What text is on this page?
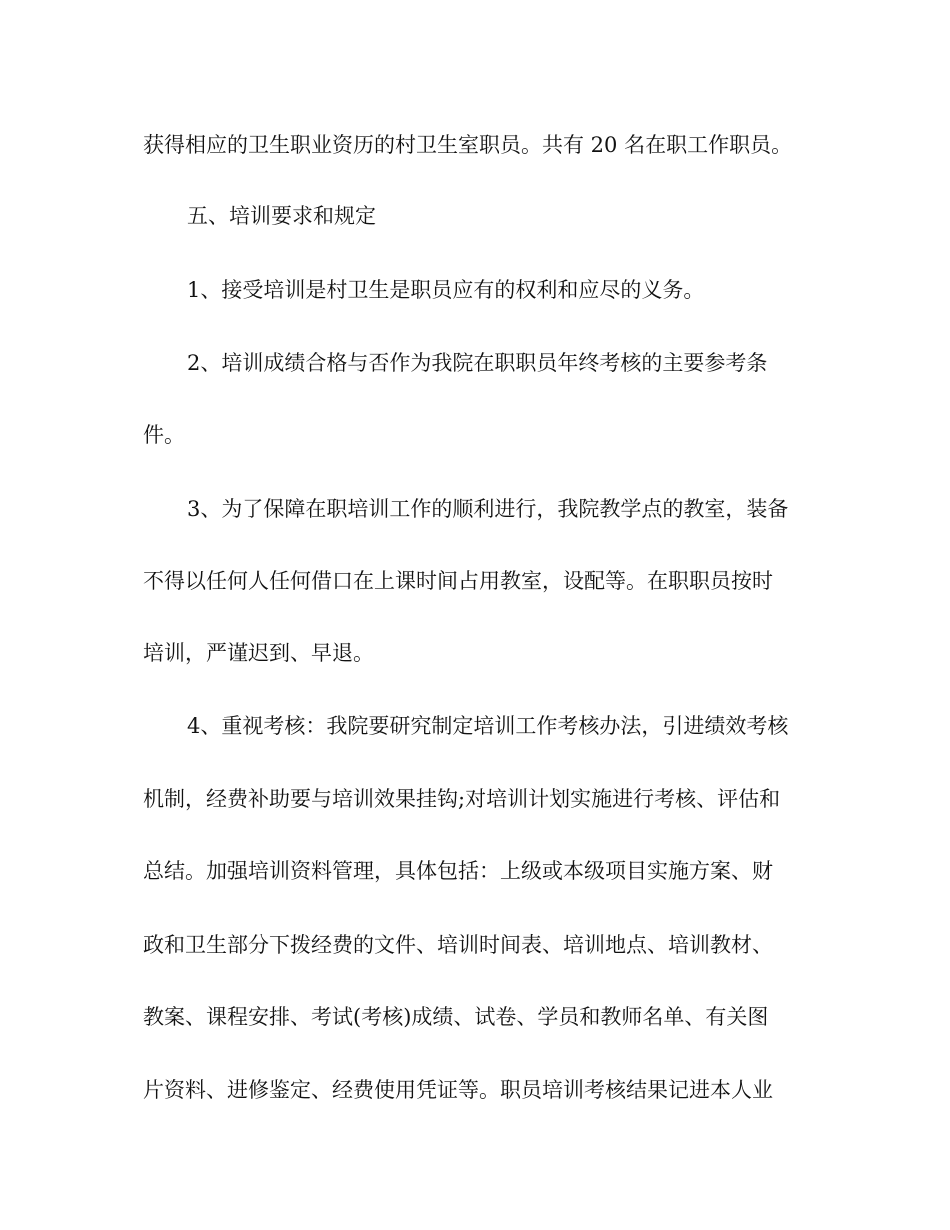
获得相应的卫生职业资历的村卫生室职员。共有 20 名在职工作职员。
五、培训要求和规定
1、接受培训是村卫生是职员应有的权利和应尽的义务。
2、培训成绩合格与否作为我院在职职员年终考核的主要参考条
件。
3、为了保障在职培训工作的顺利进行，我院教学点的教室，装备
不得以任何人任何借口在上课时间占用教室，设配等。在职职员按时
培训，严谨迟到、早退。
4、重视考核：我院要研究制定培训工作考核办法，引进绩效考核
机制，经费补助要与培训效果挂钩;对培训计划实施进行考核、评估和
总结。加强培训资料管理，具体包括：上级或本级项目实施方案、财
政和卫生部分下拨经费的文件、培训时间表、培训地点、培训教材、
教案、课程安排、考试(考核)成绩、试卷、学员和教师名单、有关图
片资料、进修鉴定、经费使用凭证等。职员培训考核结果记进本人业
